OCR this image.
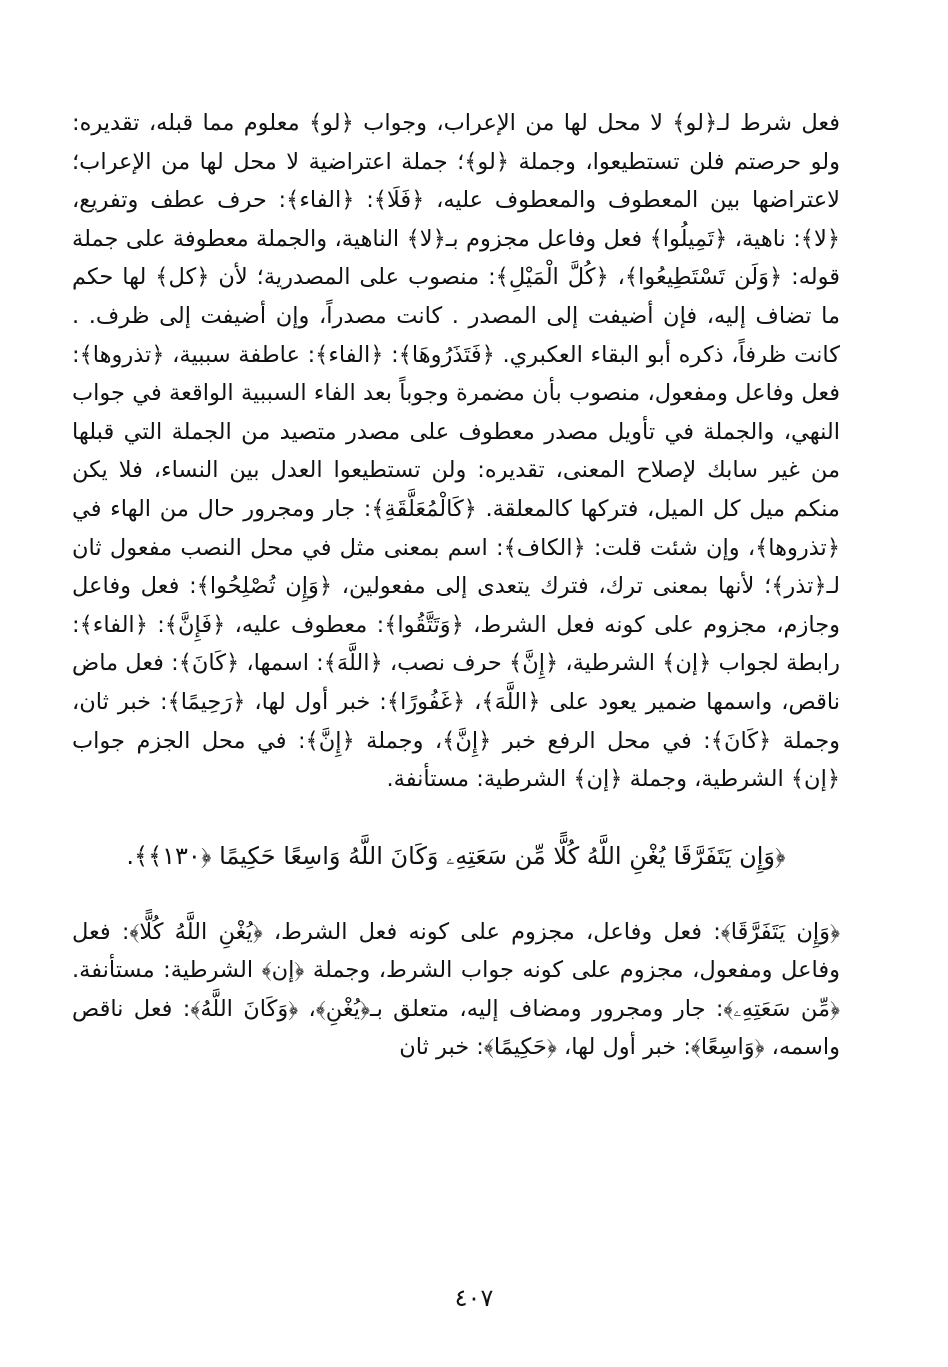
فعل شرط لـ﴿لو﴾ لا محل لها من الإعراب، وجواب ﴿لو﴾ معلوم مما قبله، تقديره: ولو حرصتم فلن تستطيعوا، وجملة ﴿لو﴾؛ جملة اعتراضية لا محل لها من الإعراب؛ لاعتراضها بين المعطوف والمعطوف عليه، ﴿فَلَا﴾: ﴿الفاء﴾: حرف عطف وتفريع، ﴿لا﴾: ناهية، ﴿تَمِيلُوا﴾ فعل وفاعل مجزوم بـ﴿لا﴾ الناهية، والجملة معطوفة على جملة قوله: ﴿وَلَن تَسْتَطِيعُوا﴾، ﴿كُلَّ الْمَيْلِ﴾: منصوب على المصدرية؛ لأن ﴿كل﴾ لها حكم ما تضاف إليه، فإن أضيفت إلى المصدر . كانت مصدراً، وإن أضيفت إلى ظرف. . كانت ظرفاً، ذكره أبو البقاء العكبري. ﴿فَتَذَرُوهَا﴾: ﴿الفاء﴾: عاطفة سببية، ﴿تذروها﴾: فعل وفاعل ومفعول، منصوب بأن مضمرة وجوباً بعد الفاء السببية الواقعة في جواب النهي، والجملة في تأويل مصدر معطوف على مصدر متصيد من الجملة التي قبلها من غير سابك لإصلاح المعنى، تقديره: ولن تستطيعوا العدل بين النساء، فلا يكن منكم ميل كل الميل، فتركها كالمعلقة. ﴿كَالْمُعَلَّقَةِ﴾: جار ومجرور حال من الهاء في ﴿تذروها﴾، وإن شئت قلت: ﴿الكاف﴾: اسم بمعنى مثل في محل النصب مفعول ثان لـ﴿تذر﴾؛ لأنها بمعنى ترك، فترك يتعدى إلى مفعولين، ﴿وَإِن تُصْلِحُوا﴾: فعل وفاعل وجازم، مجزوم على كونه فعل الشرط، ﴿وَتَتَّقُوا﴾: معطوف عليه، ﴿فَإِنَّ﴾: ﴿الفاء﴾: رابطة لجواب ﴿إن﴾ الشرطية، ﴿إِنَّ﴾ حرف نصب، ﴿اللَّهَ﴾: اسمها، ﴿كَانَ﴾: فعل ماض ناقص، واسمها ضمير يعود على ﴿اللَّهَ﴾، ﴿غَفُورًا﴾: خبر أول لها، ﴿رَحِيمًا﴾: خبر ثان، وجملة ﴿كَانَ﴾: في محل الرفع خبر ﴿إِنَّ﴾، وجملة ﴿إِنَّ﴾: في محل الجزم جواب ﴿إن﴾ الشرطية، وجملة ﴿إن﴾ الشرطية: مستأنفة.

﴿وَإِن يَتَفَرَّقَا يُغْنِ اللَّهُ كُلًّا مِّن سَعَتِهِۦ وَكَانَ اللَّهُ وَاسِعًا حَكِيمًا ﴿١٣٠﴾﴾.

﴿وَإِن يَتَفَرَّقَا﴾: فعل وفاعل، مجزوم على كونه فعل الشرط، ﴿يُغْنِ اللَّهُ كُلًّا﴾: فعل وفاعل ومفعول، مجزوم على كونه جواب الشرط، وجملة ﴿إن﴾ الشرطية: مستأنفة. ﴿مِّن سَعَتِهِۦ﴾: جار ومجرور ومضاف إليه، متعلق بـ﴿يُغْنِ﴾، ﴿وَكَانَ اللَّهُ﴾: فعل ناقص واسمه، ﴿وَاسِعًا﴾: خبر أول لها، ﴿حَكِيمًا﴾: خبر ثان

٤٠٧
